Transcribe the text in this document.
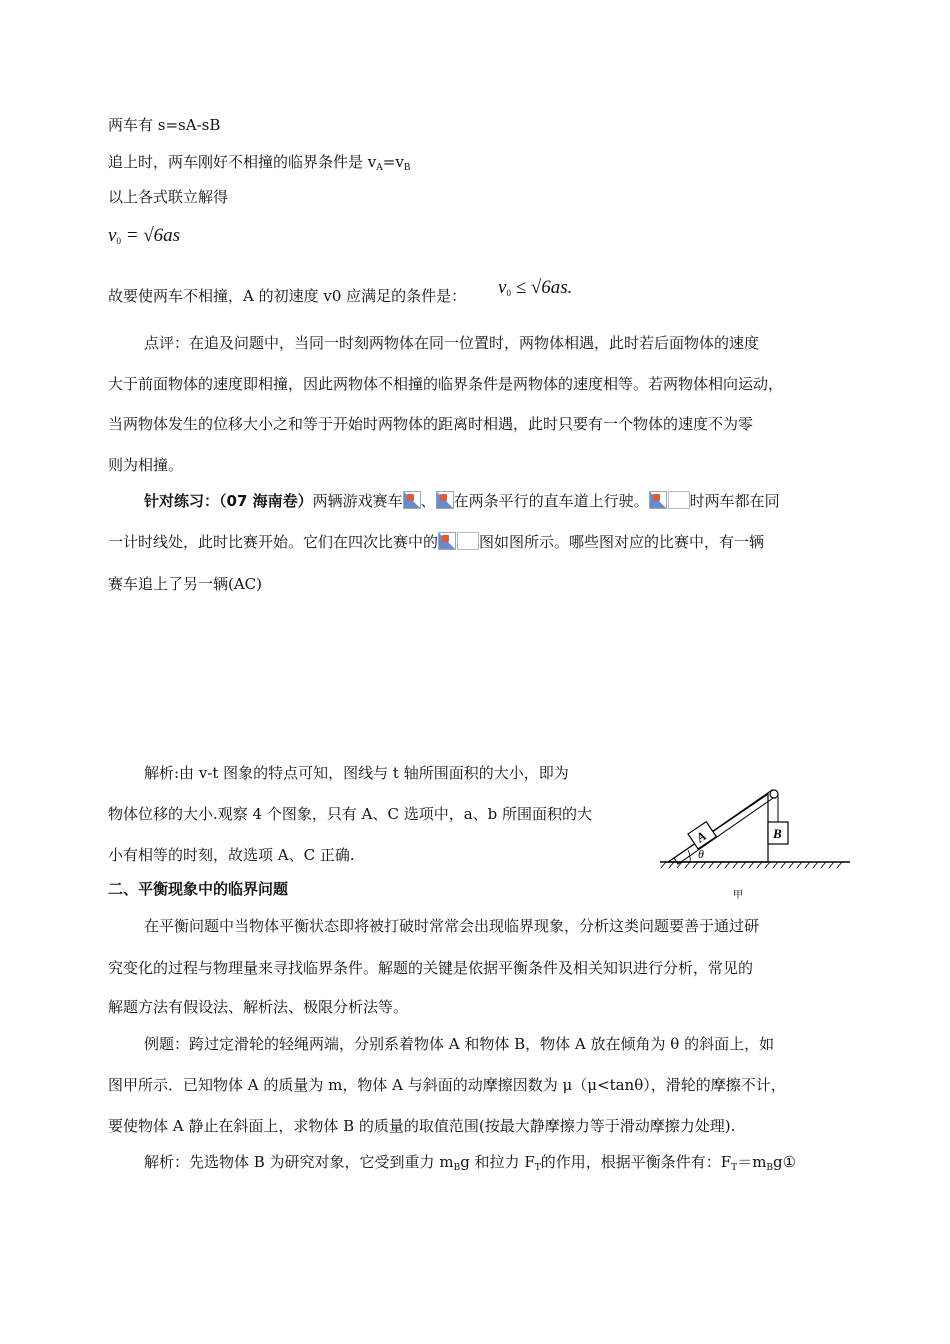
两车有 s=sA-sB
追上时，两车刚好不相撞的临界条件是 $v_A=v_B$
以上各式联立解得
$v_0 = √6as$
故要使两车不相撞，A 的初速度 v0 应满足的条件是： $v_0 \le √6as$.
点评：在追及问题中，当同一时刻两物体在同一位置时，两物体相遇，此时若后面物体的速度
大于前面物体的速度即相撞，因此两物体不相撞的临界条件是两物体的速度相等。若两物体相向运动，
当两物体发生的位移大小之和等于开始时两物体的距离时相遇，此时只要有一个物体的速度不为零
则为相撞。
针对练习：（07 海南卷）两辆游戏赛车 、 在两条平行的直车道上行驶。	时两车都在同
一计时线处，此时比赛开始。它们在四次比赛中的	图如图所示。哪些图对应的比赛中，有一辆
赛车追上了另一辆(AC)
解析:由 v-t 图象的特点可知，图线与 t 轴所围面积的大小，即为
物体位移的大小.观察 4 个图象，只有 A、C 选项中，a、b 所围面积的大
小有相等的时刻，故选项 A、C 正确.
二、平衡现象中的临界问题
在平衡问题中当物体平衡状态即将被打破时常常会出现临界现象，分析这类问题要善于通过研
究变化的过程与物理量来寻找临界条件。解题的关键是依据平衡条件及相关知识进行分析，常见的
解题方法有假设法、解析法、极限分析法等。
例题：跨过定滑轮的轻绳两端，分别系着物体 A 和物体 B，物体 A 放在倾角为 θ 的斜面上，如
图甲所示．已知物体 A 的质量为 m，物体 A 与斜面的动摩擦因数为 μ（μ<tanθ），滑轮的摩擦不计，
要使物体 A 静止在斜面上，求物体 B 的质量的取值范围(按最大静摩擦力等于滑动摩擦力处理).
解析：先选物体 B 为研究对象，它受到重力 $m_Bg$ 和拉力 $F_T$的作用，根据平衡条件有：$F_T=m_Bg①$
B
A
θ
甲
